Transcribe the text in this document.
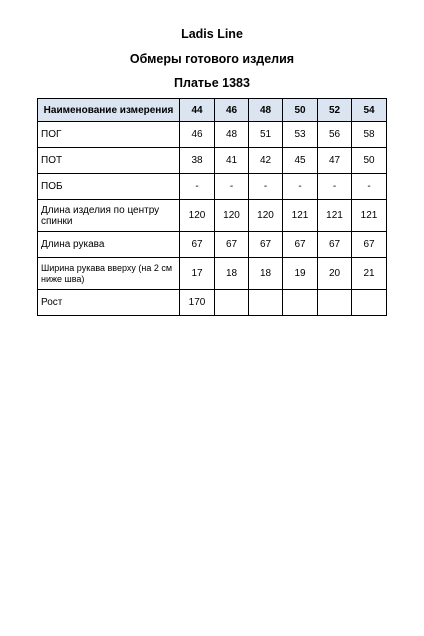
Ladis Line
Обмеры готового изделия
Платье 1383
Наименование измерения	44	46	48	50	52	54
ПОГ	46	48	51	53	56	58
ПОТ	38	41	42	45	47	50
ПОБ	-	-	-	-	-	-
Длина изделия по центру спинки	120	120	120	121	121	121
Длина рукава	67	67	67	67	67	67
Ширина рукава вверху (на 2 см ниже шва)	17	18	18	19	20	21
Рост	170					
